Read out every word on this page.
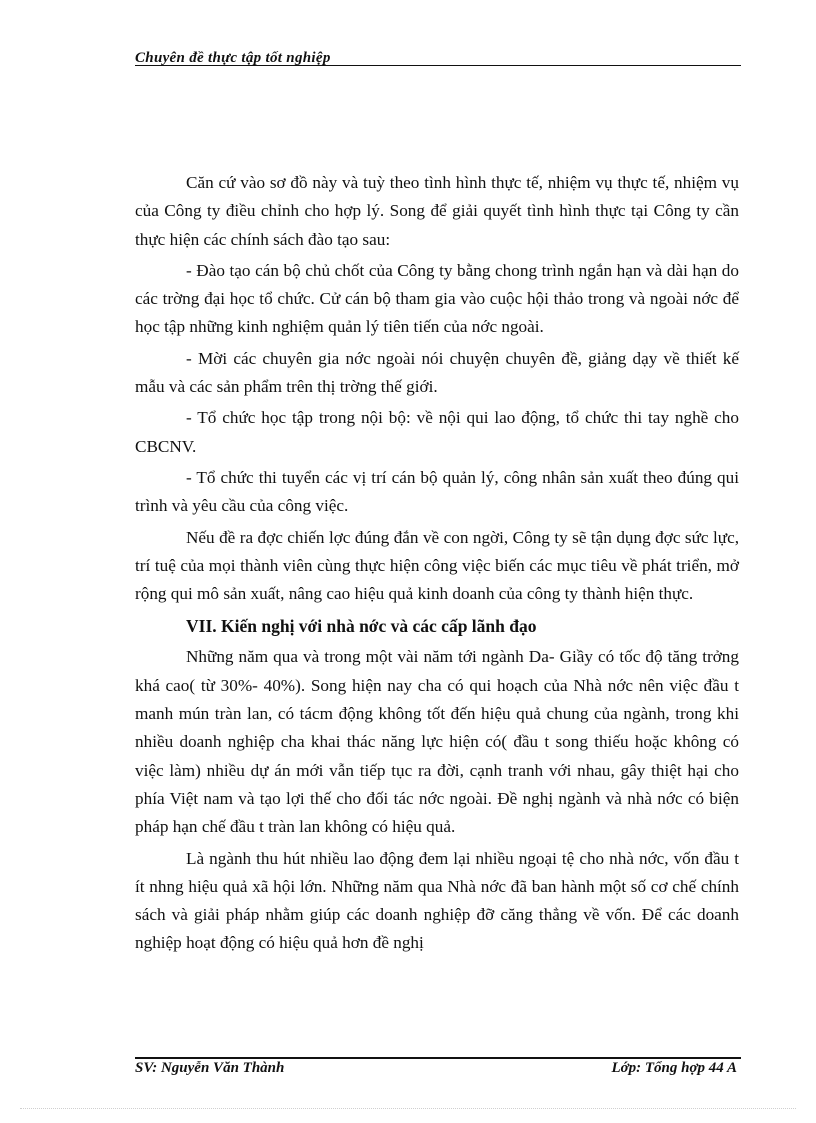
Chuyên đề thực tập tốt nghiệp

Căn cứ vào sơ đồ này và tuỳ theo tình hình thực tế, nhiệm vụ thực tế, nhiệm vụ của Công ty điều chỉnh cho hợp lý. Song để giải quyết tình hình thực tại Công ty cần thực hiện các chính sách đào tạo sau:

- Đào tạo cán bộ chủ chốt của Công ty bằng chong trình ngắn hạn và dài hạn do các trờng đại học tổ chức. Cử cán bộ tham gia vào cuộc hội thảo trong và ngoài nớc để học tập những kinh nghiệm quản lý tiên tiến của nớc ngoài.

- Mời các chuyên gia nớc ngoài nói chuyện chuyên đề, giảng dạy về thiết kế mẫu và các sản phẩm trên thị trờng thế giới.

- Tổ chức học tập trong nội bộ: về nội qui lao động, tổ chức thi tay nghề cho CBCNV.

- Tổ chức thi tuyển các vị trí cán bộ quản lý, công nhân sản xuất theo đúng qui trình và yêu cầu của công việc.

Nếu đề ra đợc chiến lợc đúng đắn về con ngời, Công ty sẽ tận dụng đợc sức lực, trí tuệ của mọi thành viên cùng thực hiện công việc biến các mục tiêu về phát triển, mở rộng qui mô sản xuất, nâng cao hiệu quả kinh doanh của công ty thành hiện thực.

VII. Kiến nghị với nhà nớc và các cấp lãnh đạo

Những năm qua và trong một vài năm tới ngành Da- Giầy có tốc độ tăng trởng khá cao( từ 30%- 40%). Song hiện nay cha có qui hoạch của Nhà nớc nên việc đầu t manh mún tràn lan, có tácm động không tốt đến hiệu quả chung của ngành, trong khi nhiều doanh nghiệp cha khai thác năng lực hiện có( đầu t song thiếu hoặc không có việc làm) nhiều dự án mới vẫn tiếp tục ra đời, cạnh tranh với nhau, gây thiệt hại cho phía Việt nam và tạo lợi thế cho đối tác nớc ngoài. Đề nghị ngành và nhà nớc có biện pháp hạn chế đầu t tràn lan không có hiệu quả.

Là ngành thu hút nhiều lao động đem lại nhiều ngoại tệ cho nhà nớc, vốn đầu t ít nhng hiệu quả xã hội lớn. Những năm qua Nhà nớc đã ban hành một số cơ chế chính sách và giải pháp nhằm giúp các doanh nghiệp đỡ căng thẳng về vốn. Để các doanh nghiệp hoạt động có hiệu quả hơn đề nghị

SV: Nguyễn Văn Thành	Lớp: Tổng hợp 44 A
